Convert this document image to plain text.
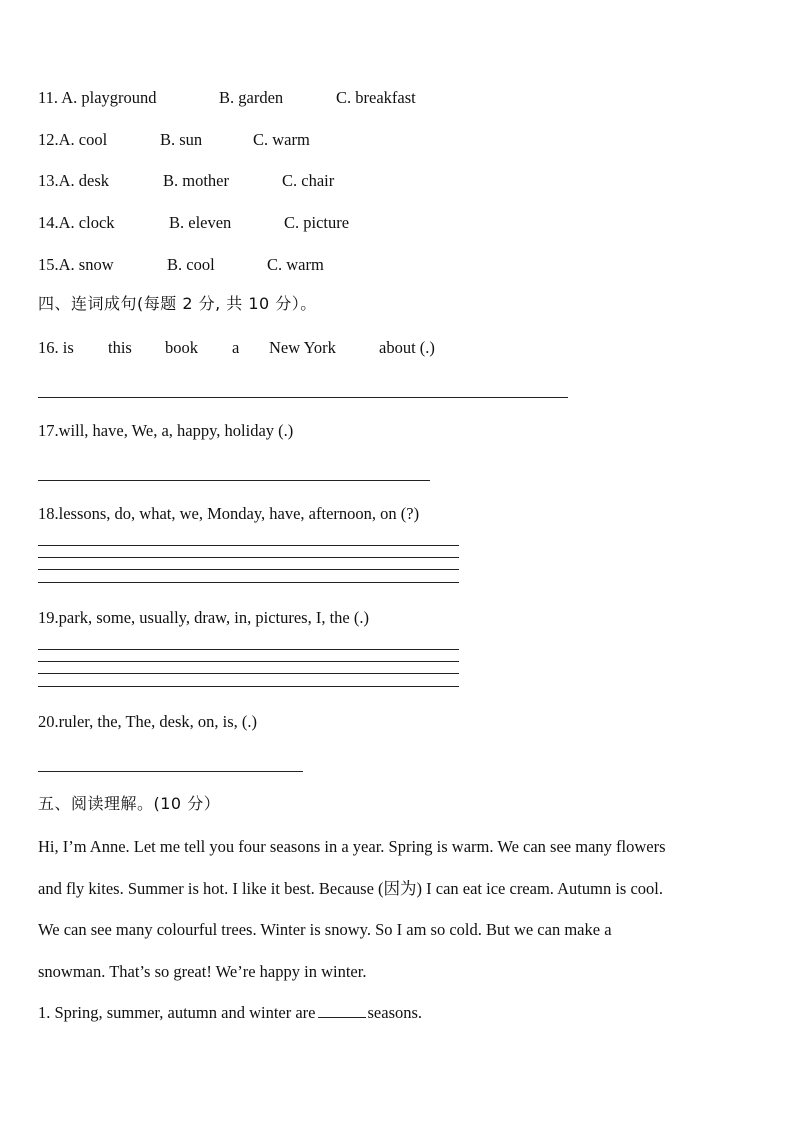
11. A. playground	B. garden	C. breakfast
12.A. cool	B. sun	C. warm
13.A. desk	B. mother	C. chair
14.A. clock	B. eleven	C. picture
15.A. snow	B. cool	C. warm
四、连词成句(每题 2 分, 共 10 分）。
16. is this book a New York	about (.)
17.will, have, We, a, happy, holiday (.)
18.lessons, do, what, we, Monday, have, afternoon, on (?)
19.park, some, usually, draw, in, pictures, I, the (.)
20.ruler, the, The, desk, on, is, (.)
五、阅读理解。(10 分）
Hi, I’m Anne. Let me tell you four seasons in a year. Spring is warm. We can see many flowers
and fly kites. Summer is hot. I like it best. Because (因为) I can eat ice cream. Autumn is cool.
We can see many colourful trees. Winter is snowy. So I am so cold. But we can make a
snowman. That’s so great! We’re happy in winter.
1. Spring, summer, autumn and winter are	seasons.
